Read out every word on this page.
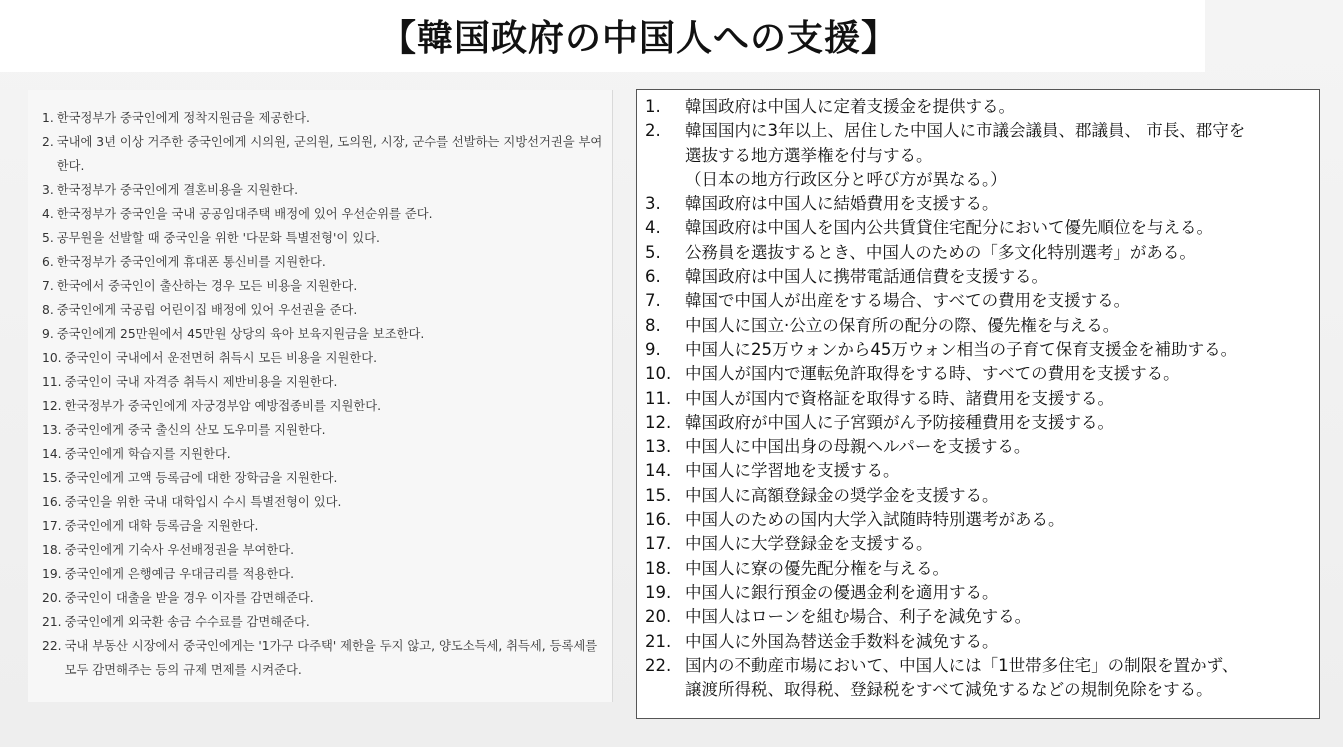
【韓国政府の中国人への支援】
1. 한국정부가 중국인에게 정착지원금을 제공한다.
2. 국내에 3년 이상 거주한 중국인에게 시의원, 군의원, 도의원, 시장, 군수를 선발하는 지방선거권을 부여한다.
3. 한국정부가 중국인에게 결혼비용을 지원한다.
4. 한국정부가 중국인을 국내 공공임대주택 배정에 있어 우선순위를 준다.
5. 공무원을 선발할 때 중국인을 위한 '다문화 특별전형'이 있다.
6. 한국정부가 중국인에게 휴대폰 통신비를 지원한다.
7. 한국에서 중국인이 출산하는 경우 모든 비용을 지원한다.
8. 중국인에게 국공립 어린이집 배정에 있어 우선권을 준다.
9. 중국인에게 25만원에서 45만원 상당의 육아 보육지원금을 보조한다.
10. 중국인이 국내에서 운전면허 취득시 모든 비용을 지원한다.
11. 중국인이 국내 자격증 취득시 제반비용을 지원한다.
12. 한국정부가 중국인에게 자궁경부암 예방접종비를 지원한다.
13. 중국인에게 중국 출신의 산모 도우미를 지원한다.
14. 중국인에게 학습지를 지원한다.
15. 중국인에게 고액 등록금에 대한 장학금을 지원한다.
16. 중국인을 위한 국내 대학입시 수시 특별전형이 있다.
17. 중국인에게 대학 등록금을 지원한다.
18. 중국인에게 기숙사 우선배정권을 부여한다.
19. 중국인에게 은행예금 우대금리를 적용한다.
20. 중국인이 대출을 받을 경우 이자를 감면해준다.
21. 중국인에게 외국환 송금 수수료를 감면해준다.
22. 국내 부동산 시장에서 중국인에게는 '1가구 다주택' 제한을 두지 않고, 양도소득세, 취득세, 등록세를 모두 감면해주는 등의 규제 면제를 시켜준다.
1.	韓国政府は中国人に定着支援金を提供する。
2.	韓国国内に3年以上、居住した中国人に市議会議員、郡議員、 市長、郡守を
選抜する地方選挙権を付与する。
（日本の地方行政区分と呼び方が異なる。）
3.	韓国政府は中国人に結婚費用を支援する。
4.	韓国政府は中国人を国内公共賃貸住宅配分において優先順位を与える。
5.	公務員を選抜するとき、中国人のための「多文化特別選考」がある。
6.	韓国政府は中国人に携帯電話通信費を支援する。
7.	韓国で中国人が出産をする場合、すべての費用を支援する。
8.	中国人に国立·公立の保育所の配分の際、優先権を与える。
9.	中国人に25万ウォンから45万ウォン相当の子育て保育支援金を補助する。
10. 中国人が国内で運転免許取得をする時、すべての費用を支援する。
11. 中国人が国内で資格証を取得する時、諸費用を支援する。
12. 韓国政府が中国人に子宮頸がん予防接種費用を支援する。
13. 中国人に中国出身の母親ヘルパーを支援する。
14. 中国人に学習地を支援する。
15. 中国人に高額登録金の奨学金を支援する。
16. 中国人のための国内大学入試随時特別選考がある。
17. 中国人に大学登録金を支援する。
18. 中国人に寮の優先配分権を与える。
19. 中国人に銀行預金の優遇金利を適用する。
20. 中国人はローンを組む場合、利子を減免する。
21. 中国人に外国為替送金手数料を減免する。
22. 国内の不動産市場において、中国人には「1世帯多住宅」の制限を置かず、
譲渡所得税、取得税、登録税をすべて減免するなどの規制免除をする。
